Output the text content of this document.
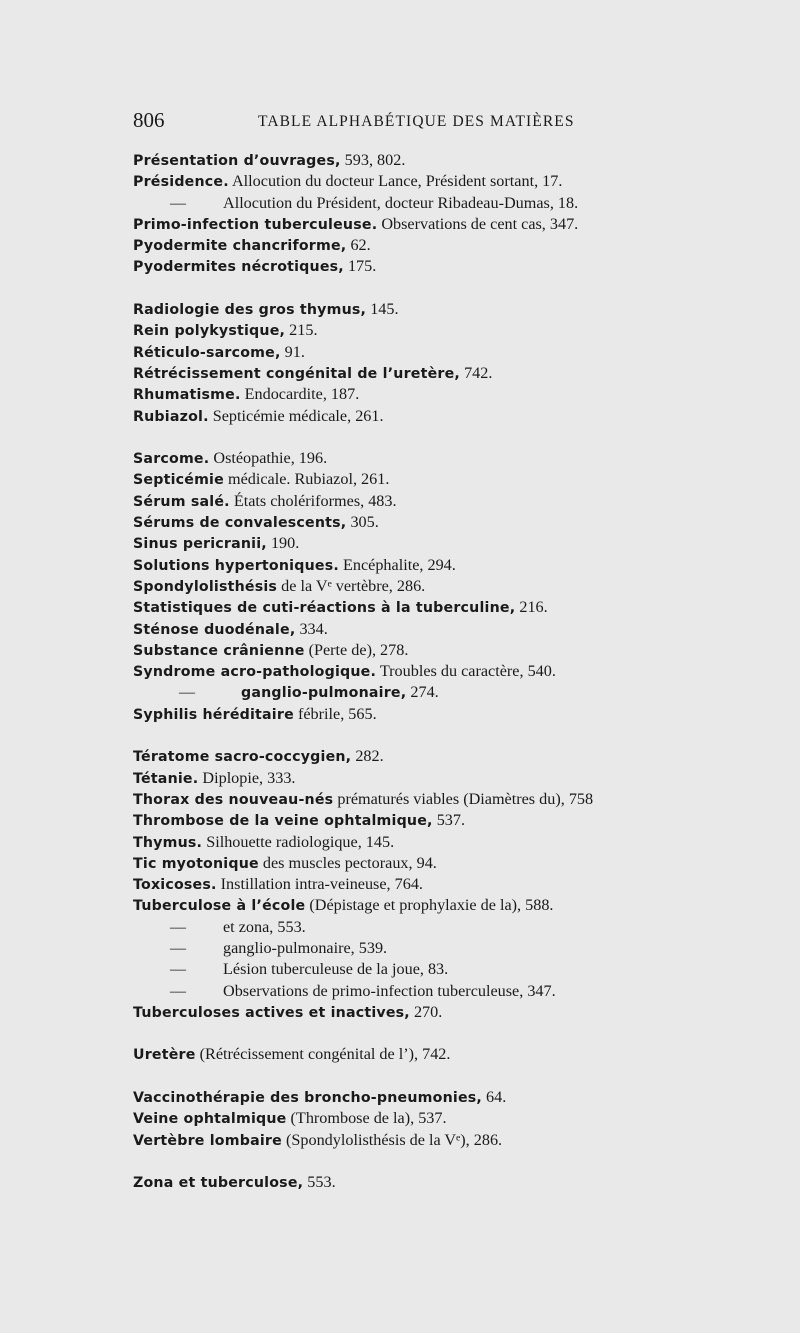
806	TABLE ALPHABÉTIQUE DES MATIÈRES
Présentation d’ouvrages, 593, 802.
Présidence. Allocution du docteur Lance, Président sortant, 17.
— Allocution du Président, docteur Ribadeau-Dumas, 18.
Primo-infection tuberculeuse. Observations de cent cas, 347.
Pyodermite chancriforme, 62.
Pyodermites nécrotiques, 175.
Radiologie des gros thymus, 145.
Rein polykystique, 215.
Réticulo-sarcome, 91.
Rétrécissement congénital de l’uretère, 742.
Rhumatisme. Endocardite, 187.
Rubiazol. Septicémie médicale, 261.
Sarcome. Ostéopathie, 196.
Septicémie médicale. Rubiazol, 261.
Sérum salé. États cholériformes, 483.
Sérums de convalescents, 305.
Sinus pericranii, 190.
Solutions hypertoniques. Encéphalite, 294.
Spondylolisthésis de la Vᵉ vertèbre, 286.
Statistiques de cuti-réactions à la tuberculine, 216.
Sténose duodénale, 334.
Substance crânienne (Perte de), 278.
Syndrome acro-pathologique. Troubles du caractère, 540.
—	ganglio-pulmonaire, 274.
Syphilis héréditaire fébrile, 565.
Tératome sacro-coccygien, 282.
Tétanie. Diplopie, 333.
Thorax des nouveau-nés prématurés viables (Diamètres du), 758
Thrombose de la veine ophtalmique, 537.
Thymus. Silhouette radiologique, 145.
Tic myotonique des muscles pectoraux, 94.
Toxicoses. Instillation intra-veineuse, 764.
Tuberculose à l’école (Dépistage et prophylaxie de la), 588.
— et zona, 553.
— ganglio-pulmonaire, 539.
— Lésion tuberculeuse de la joue, 83.
— Observations de primo-infection tuberculeuse, 347.
Tuberculoses actives et inactives, 270.
Uretère (Rétrécissement congénital de l’), 742.
Vaccinothérapie des broncho-pneumonies, 64.
Veine ophtalmique (Thrombose de la), 537.
Vertèbre lombaire (Spondylolisthésis de la Vᵉ), 286.
Zona et tuberculose, 553.
